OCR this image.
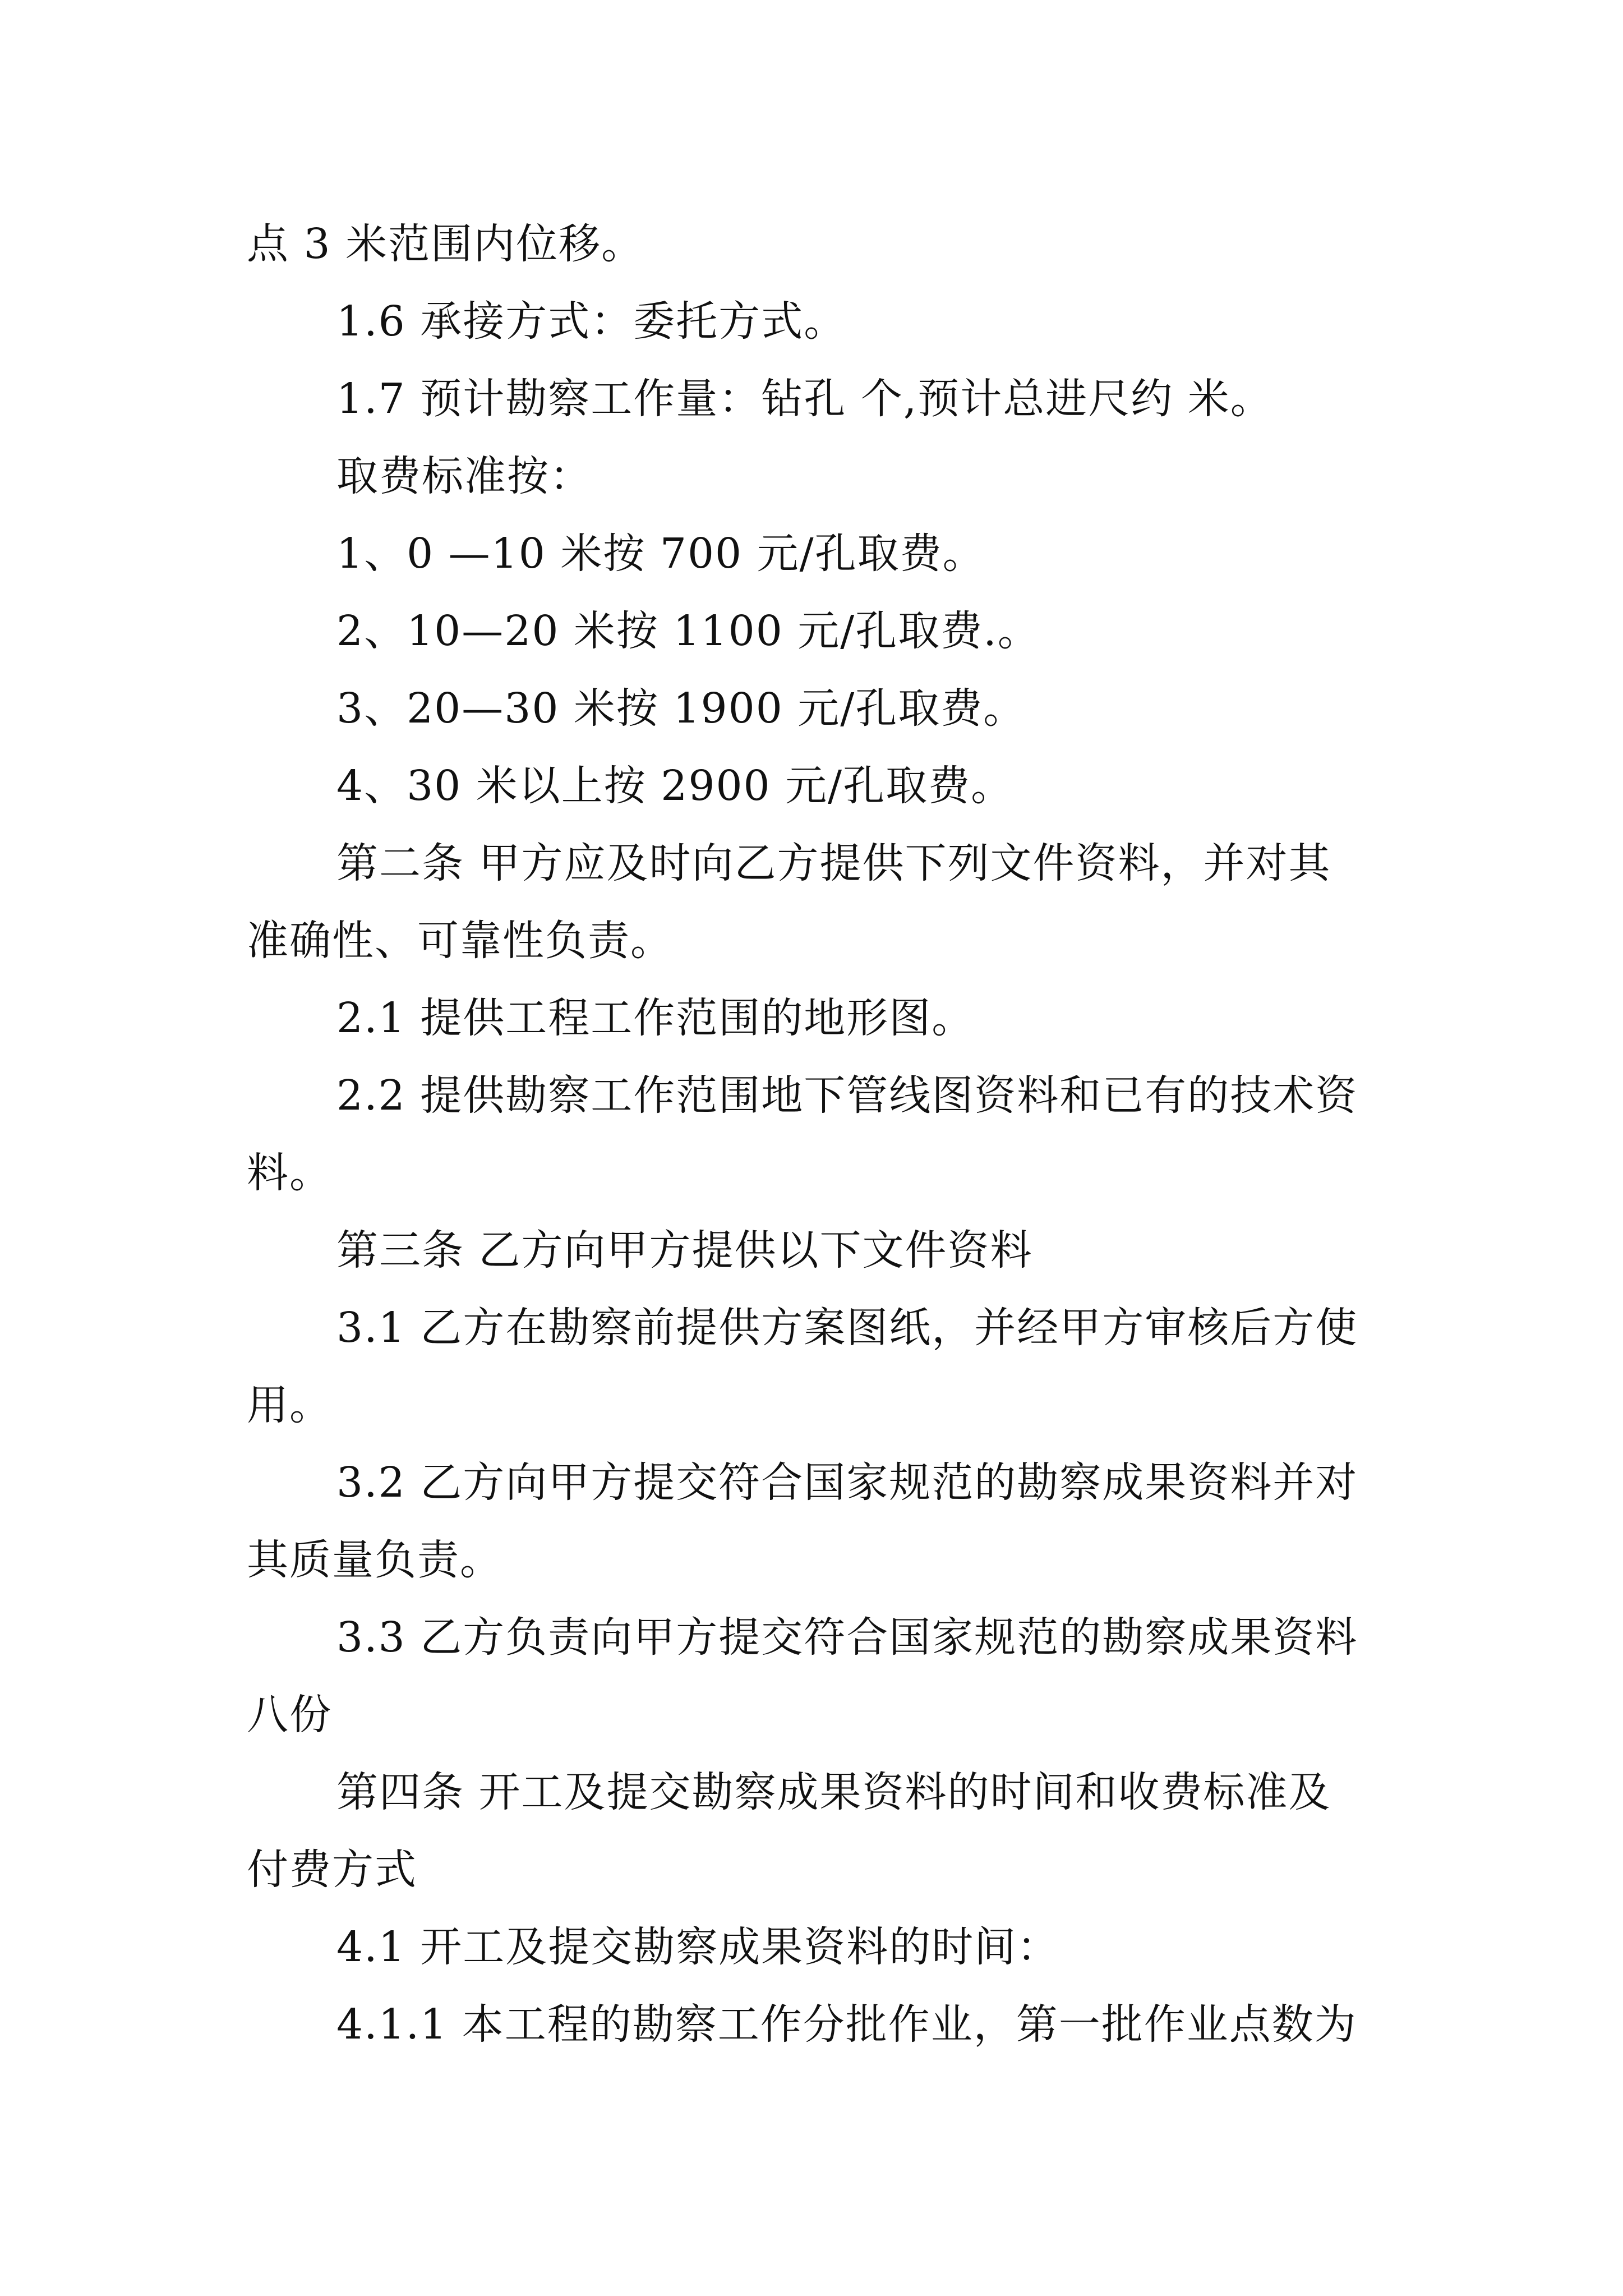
点 3 米范围内位移。

1.6 承接方式：委托方式。

1.7 预计勘察工作量：钻孔 个,预计总进尺约 米。

取费标准按：

1、0 —10 米按 700 元/孔取费。

2、10—20 米按 1100 元/孔取费.。

3、20—30 米按 1900 元/孔取费。

4、30 米以上按 2900 元/孔取费。

第二条 甲方应及时向乙方提供下列文件资料，并对其

准确性、可靠性负责。

2.1 提供工程工作范围的地形图。

2.2 提供勘察工作范围地下管线图资料和已有的技术资

料。

第三条 乙方向甲方提供以下文件资料

3.1 乙方在勘察前提供方案图纸，并经甲方审核后方使

用。

3.2 乙方向甲方提交符合国家规范的勘察成果资料并对

其质量负责。

3.3 乙方负责向甲方提交符合国家规范的勘察成果资料

八份

第四条 开工及提交勘察成果资料的时间和收费标准及

付费方式

4.1 开工及提交勘察成果资料的时间：

4.1.1 本工程的勘察工作分批作业，第一批作业点数为
